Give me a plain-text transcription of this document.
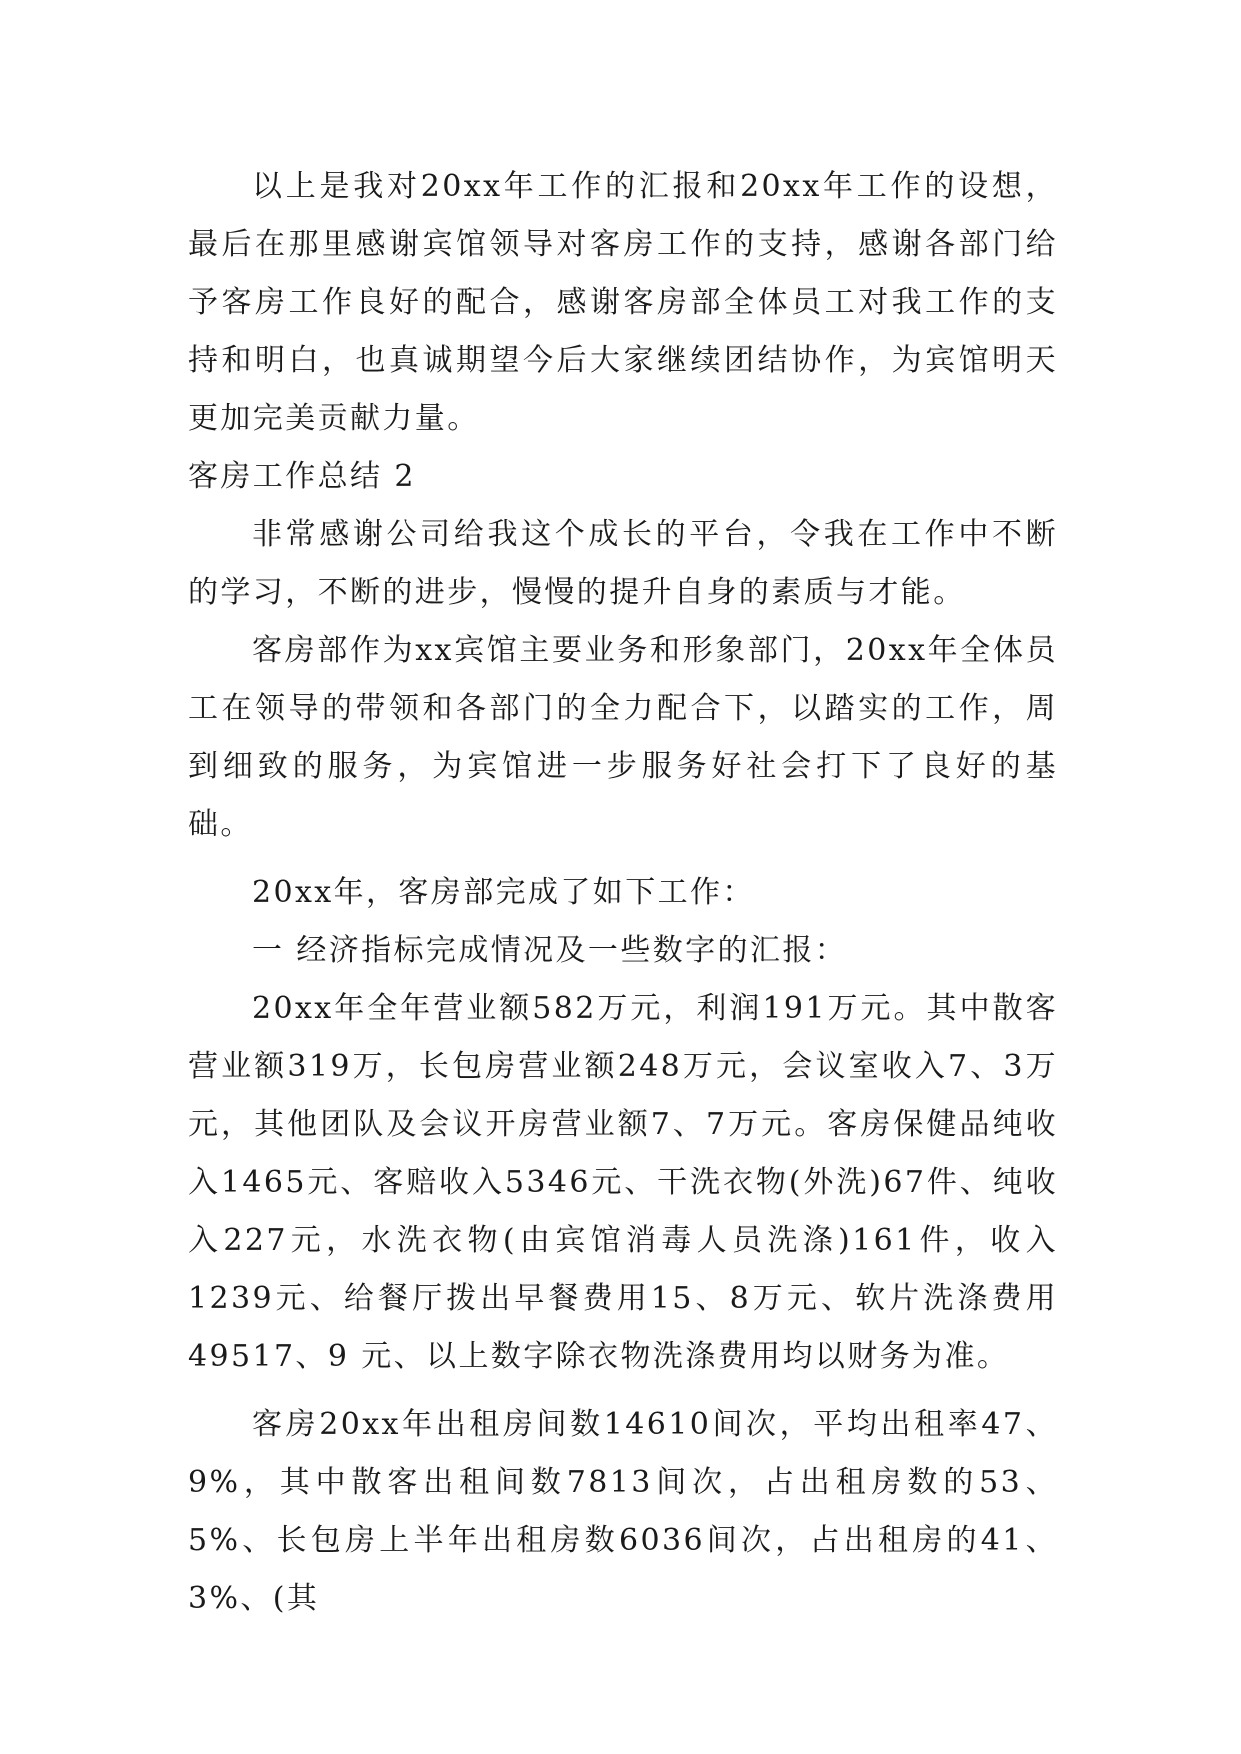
以上是我对20xx年工作的汇报和20xx年工作的设想，最后在那里感谢宾馆领导对客房工作的支持，感谢各部门给予客房工作良好的配合，感谢客房部全体员工对我工作的支持和明白，也真诚期望今后大家继续团结协作，为宾馆明天更加完美贡献力量。

客房工作总结 2

非常感谢公司给我这个成长的平台，令我在工作中不断的学习，不断的进步，慢慢的提升自身的素质与才能。

客房部作为xx宾馆主要业务和形象部门，20xx年全体员工在领导的带领和各部门的全力配合下，以踏实的工作，周到细致的服务，为宾馆进一步服务好社会打下了良好的基础。

20xx年，客房部完成了如下工作：

一 经济指标完成情况及一些数字的汇报：

20xx年全年营业额582万元，利润191万元。其中散客营业额319万，长包房营业额248万元，会议室收入7、3万元，其他团队及会议开房营业额7、7万元。客房保健品纯收入1465元、客赔收入5346元、干洗衣物(外洗)67件、纯收入227元，水洗衣物(由宾馆消毒人员洗涤)161件，收入1239元、给餐厅拨出早餐费用15、8万元、软片洗涤费用49517、9 元、以上数字除衣物洗涤费用均以财务为准。

客房20xx年出租房间数14610间次，平均出租率47、9%，其中散客出租间数7813间次，占出租房数的53、5%、长包房上半年出租房数6036间次，占出租房的41、3%、(其
